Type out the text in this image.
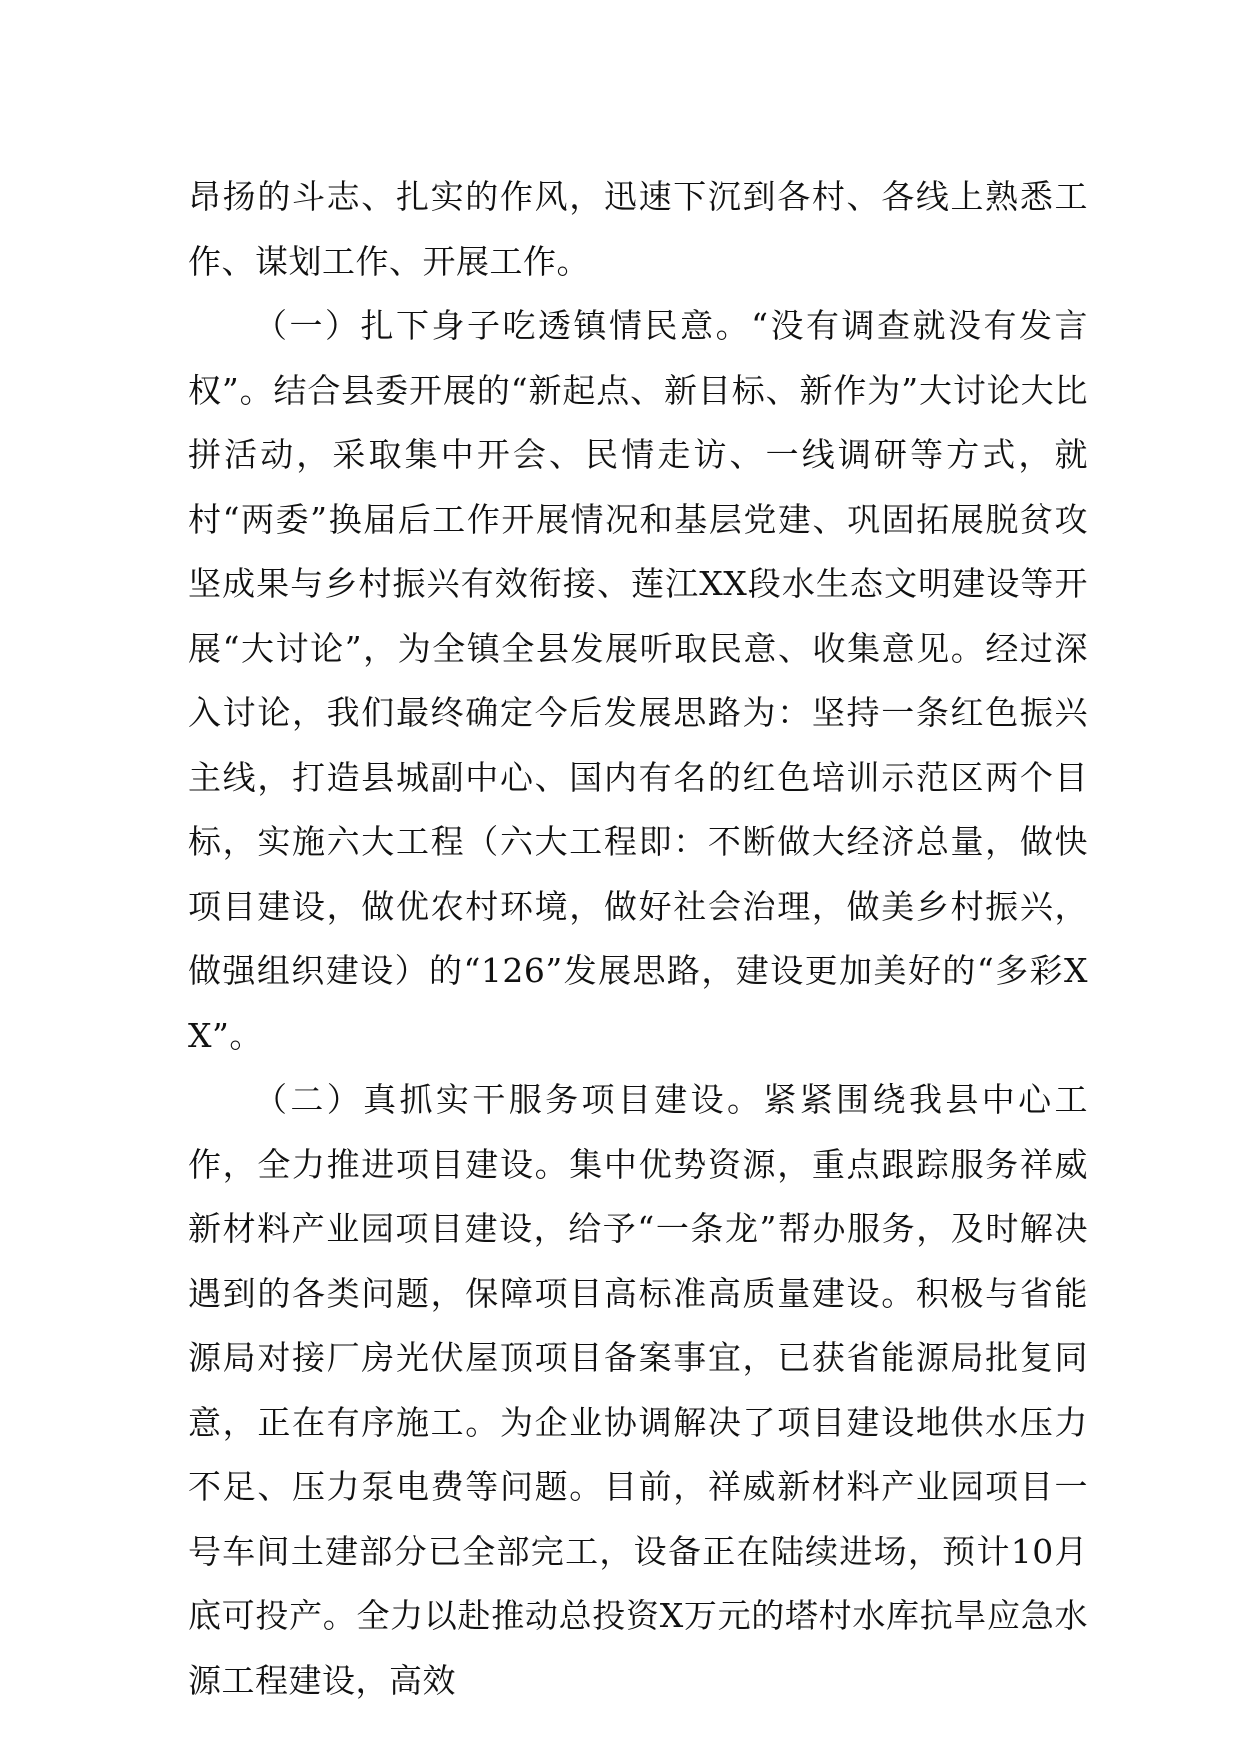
昂扬的斗志、扎实的作风，迅速下沉到各村、各线上熟悉工作、谋划工作、开展工作。

（一）扎下身子吃透镇情民意。“没有调查就没有发言权”。结合县委开展的“新起点、新目标、新作为”大讨论大比拼活动，采取集中开会、民情走访、一线调研等方式，就村“两委”换届后工作开展情况和基层党建、巩固拓展脱贫攻坚成果与乡村振兴有效衔接、莲江XX段水生态文明建设等开展“大讨论”，为全镇全县发展听取民意、收集意见。经过深入讨论，我们最终确定今后发展思路为：坚持一条红色振兴主线，打造县城副中心、国内有名的红色培训示范区两个目标，实施六大工程（六大工程即：不断做大经济总量，做快项目建设，做优农村环境，做好社会治理，做美乡村振兴，做强组织建设）的“126”发展思路，建设更加美好的“多彩XX”。

（二）真抓实干服务项目建设。紧紧围绕我县中心工作，全力推进项目建设。集中优势资源，重点跟踪服务祥威新材料产业园项目建设，给予“一条龙”帮办服务，及时解决遇到的各类问题，保障项目高标准高质量建设。积极与省能源局对接厂房光伏屋顶项目备案事宜，已获省能源局批复同意，正在有序施工。为企业协调解决了项目建设地供水压力不足、压力泵电费等问题。目前，祥威新材料产业园项目一号车间土建部分已全部完工，设备正在陆续进场，预计10月底可投产。全力以赴推动总投资X万元的塔村水库抗旱应急水源工程建设，高效
